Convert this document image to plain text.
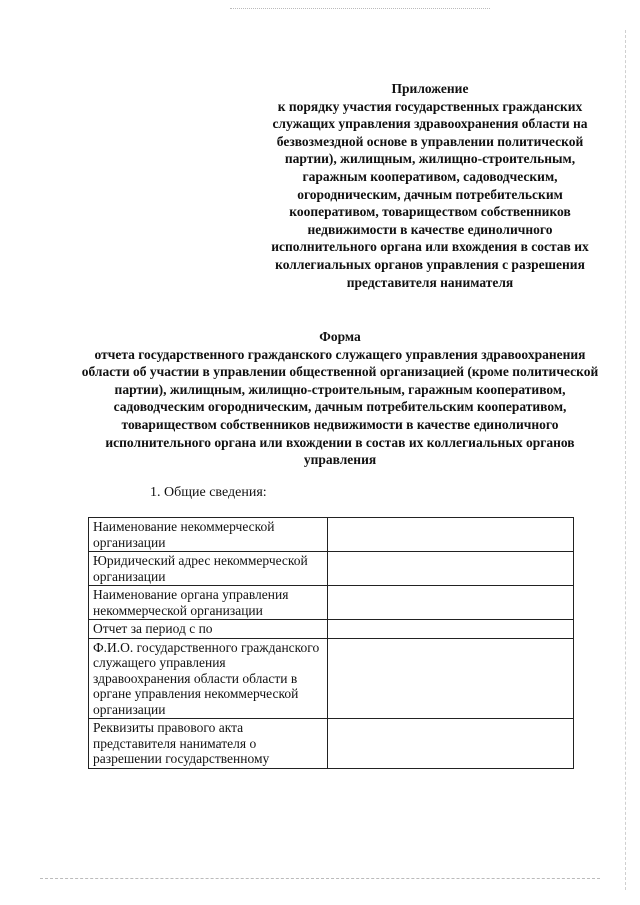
Приложение
к порядку участия государственных гражданских служащих управления здравоохранения области на безвозмездной основе в управлении политической партии), жилищным, жилищно-строительным, гаражным кооперативом, садоводческим, огородническим, дачным потребительским кооперативом, товариществом собственников недвижимости в качестве единоличного исполнительного органа или вхождения в состав их коллегиальных органов управления с разрешения представителя нанимателя
Форма
отчета государственного гражданского служащего управления здравоохранения области об участии в управлении общественной организацией (кроме политической партии), жилищным, жилищно-строительным, гаражным кооперативом, садоводческим огородническим, дачным потребительским кооперативом, товариществом собственников недвижимости в качестве единоличного исполнительного органа или вхождении в состав их коллегиальных органов управления
1. Общие сведения:
Наименование некоммерческой организации	
Юридический адрес некоммерческой организации	
Наименование органа управления некоммерческой организации	
Отчет за период с по	
Ф.И.О. государственного гражданского служащего управления здравоохранения области области в органе управления некоммерческой организации	
Реквизиты правового акта представителя нанимателя о разрешении государственному	
